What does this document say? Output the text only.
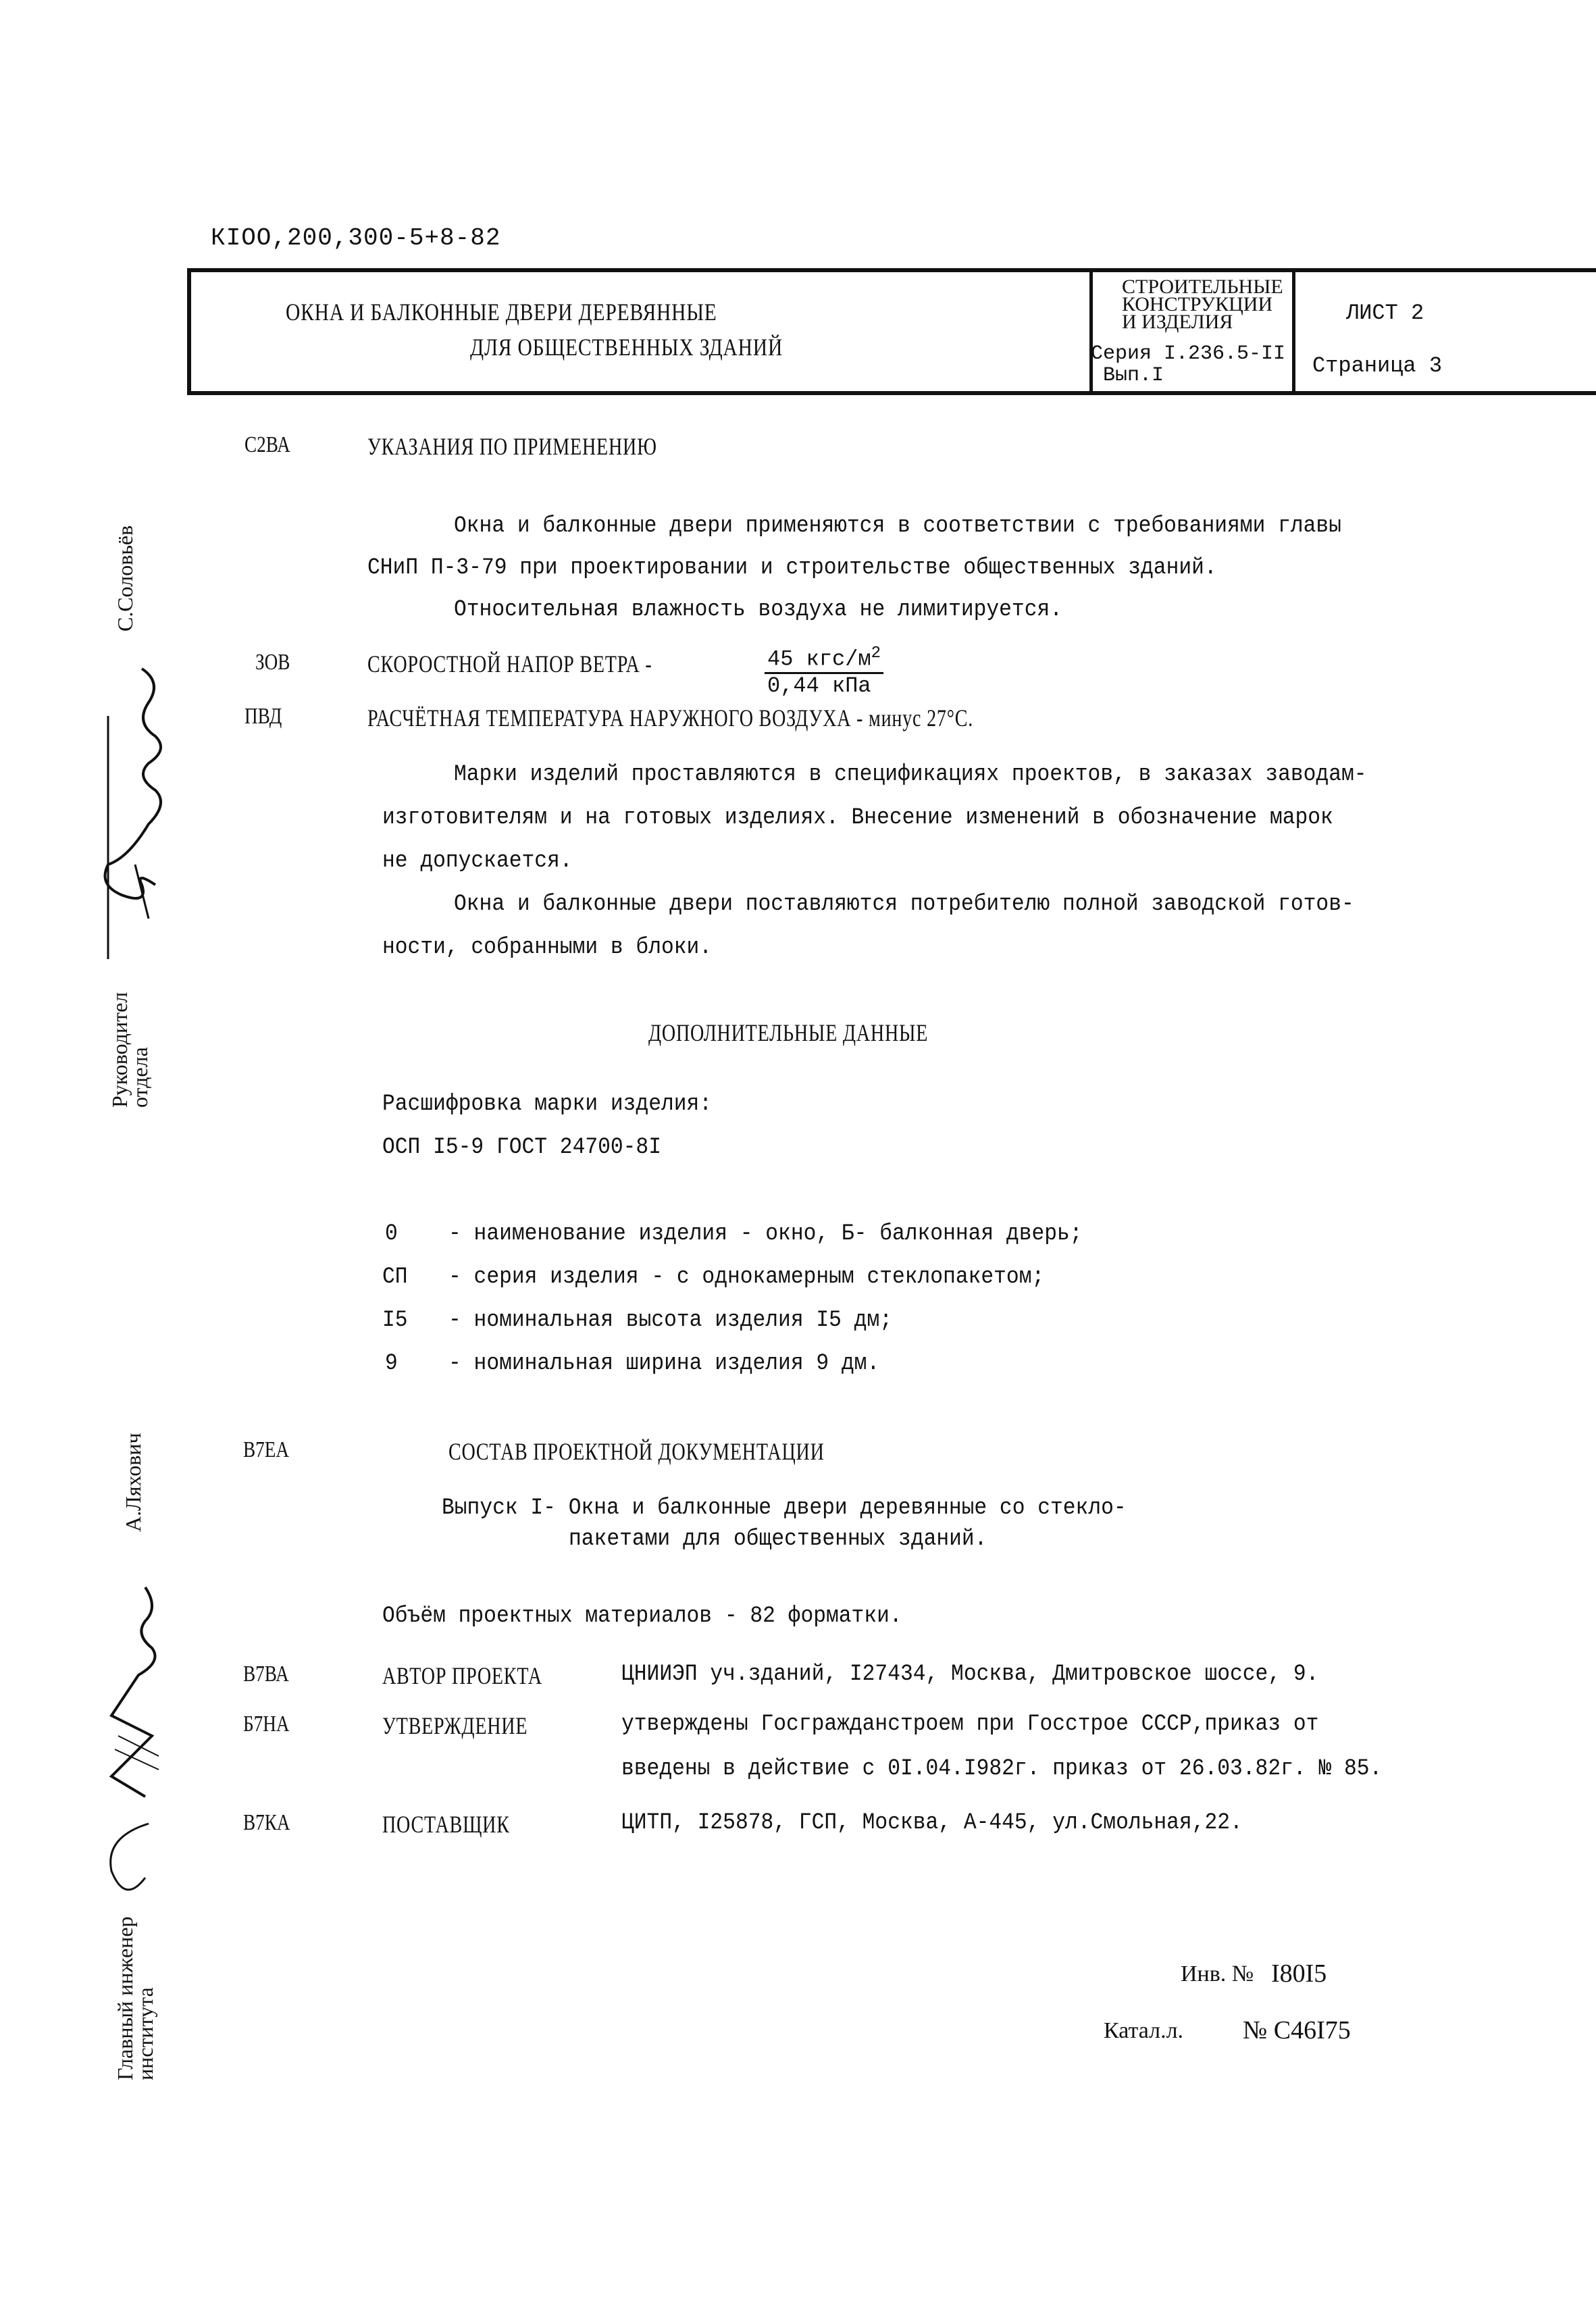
КIОО,200,300-5+8-82
ОКНА И БАЛКОННЫЕ ДВЕРИ ДЕРЕВЯННЫЕ
ДЛЯ ОБЩЕСТВЕННЫХ ЗДАНИЙ
СТРОИТЕЛЬНЫЕ
КОНСТРУКЦИИ
И ИЗДЕЛИЯ
Серия I.236.5-II
Вып.I
ЛИСТ 2
Страница 3
С2ВА	УКАЗАНИЯ ПО ПРИМЕНЕНИЮ
Окна и балконные двери применяются в соответствии с требованиями главы
СНиП П-3-79 при проектировании и строительстве общественных зданий.
Относительная влажность воздуха не лимитируется.
ЗОВ	СКОРОСТНОЙ НАПОР ВЕТРА -	45 кгс/$м^2$
0,44 кПа
ПВД	РАСЧЁТНАЯ ТЕМПЕРАТУРА НАРУЖНОГО ВОЗДУХА - минус 27°С.
Марки изделий проставляются в спецификациях проектов, в заказах заводам-
изготовителям и на готовых изделиях. Внесение изменений в обозначение марок
не допускается.
Окна и балконные двери поставляются потребителю полной заводской готов-
ности, собранными в блоки.
ДОПОЛНИТЕЛЬНЫЕ ДАННЫЕ
Расшифровка марки изделия:
ОСП I5-9 ГОСТ 24700-8I
0 - наименование изделия - окно, Б- балконная дверь;
СП - серия изделия - с однокамерным стеклопакетом;
I5 - номинальная высота изделия I5 дм;
9 - номинальная ширина изделия 9 дм.
В7ЕА	СОСТАВ ПРОЕКТНОЙ ДОКУМЕНТАЦИИ
Выпуск I- Окна и балконные двери деревянные со стекло-
пакетами для общественных зданий.
Объём проектных материалов - 82 форматки.
В7ВА	АВТОР ПРОЕКТА	ЦНИИЭП уч.зданий, I27434, Москва, Дмитровское шоссе, 9.
Б7НА	УТВЕРЖДЕНИЕ	утверждены Госгражданстроем при Госстрое СССР,приказ от
введены в действие с 0I.04.I982г. приказ от 26.03.82г. № 85.
В7КА	ПОСТАВЩИК	ЦИТП, I25878, ГСП, Москва, А-445, ул.Смольная,22.
Инв. № I80I5
Катал.л. № С46I75
С.Соловьёв
Руководител
отдела
А.Ляхович
Главный инженер
института
